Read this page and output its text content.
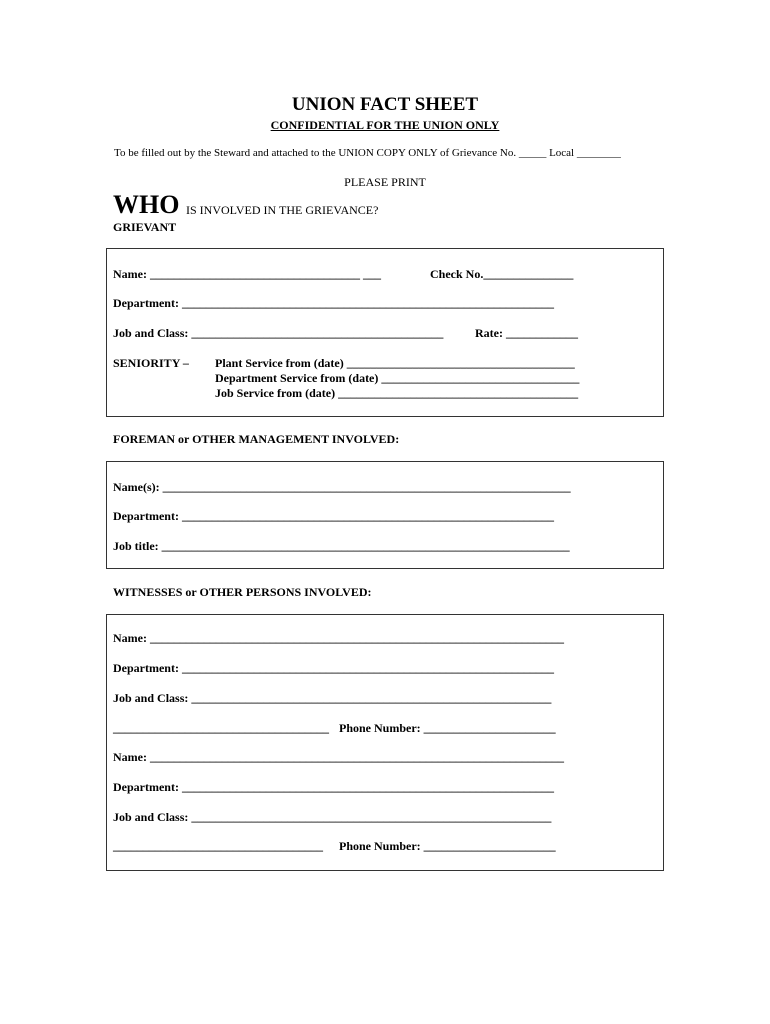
UNION FACT SHEET
CONFIDENTIAL FOR THE UNION ONLY
To be filled out by the Steward and attached to the UNION COPY ONLY of Grievance No. _____ Local ________
PLEASE PRINT
WHO IS INVOLVED IN THE GRIEVANCE?
GRIEVANT
Name: ___________________________________ ___	Check No._______________
Department: ______________________________________________________________
Job and Class: __________________________________________	Rate: ____________
SENIORITY – Plant Service from (date) ______________________________________
Department Service from (date) _________________________________
Job Service from (date) ________________________________________
FOREMAN or OTHER MANAGEMENT INVOLVED:
Name(s): ____________________________________________________________________
Department: ______________________________________________________________
Job title: ____________________________________________________________________
WITNESSES or OTHER PERSONS INVOLVED:
Name: _____________________________________________________________________
Department: ______________________________________________________________
Job and Class: ____________________________________________________________
____________________________________ Phone Number: ______________________
Name: _____________________________________________________________________
Department: ______________________________________________________________
Job and Class: ____________________________________________________________
___________________________________ Phone Number: ______________________
